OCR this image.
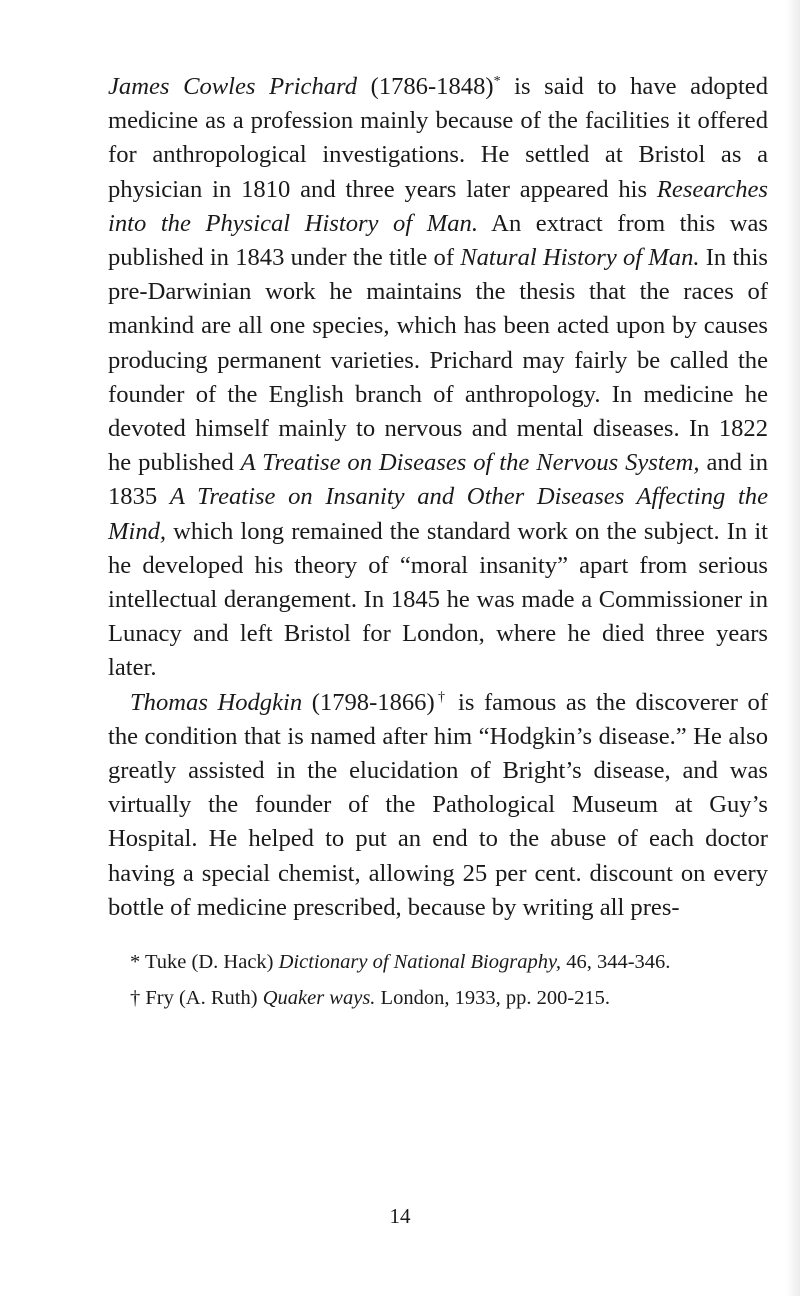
James Cowles Prichard (1786-1848)* is said to have adopted medicine as a profession mainly because of the facilities it offered for anthropological investigations. He settled at Bristol as a physician in 1810 and three years later appeared his Researches into the Physical History of Man. An extract from this was published in 1843 under the title of Natural History of Man. In this pre-Darwinian work he maintains the thesis that the races of mankind are all one species, which has been acted upon by causes producing permanent varieties. Prichard may fairly be called the founder of the English branch of anthropology. In medicine he devoted himself mainly to nervous and mental diseases. In 1822 he published A Treatise on Diseases of the Nervous System, and in 1835 A Treatise on Insanity and Other Diseases Affecting the Mind, which long remained the standard work on the subject. In it he developed his theory of “moral insanity” apart from serious intellectual derangement. In 1845 he was made a Commissioner in Lunacy and left Bristol for London, where he died three years later.

Thomas Hodgkin (1798-1866)† is famous as the discoverer of the condition that is named after him “Hodgkin’s disease.” He also greatly assisted in the elucidation of Bright’s disease, and was virtually the founder of the Pathological Museum at Guy’s Hospital. He helped to put an end to the abuse of each doctor having a special chemist, allowing 25 per cent. discount on every bottle of medicine prescribed, because by writing all pres-

* Tuke (D. Hack) Dictionary of National Biography, 46, 344-346.

† Fry (A. Ruth) Quaker ways. London, 1933, pp. 200-215.

14
